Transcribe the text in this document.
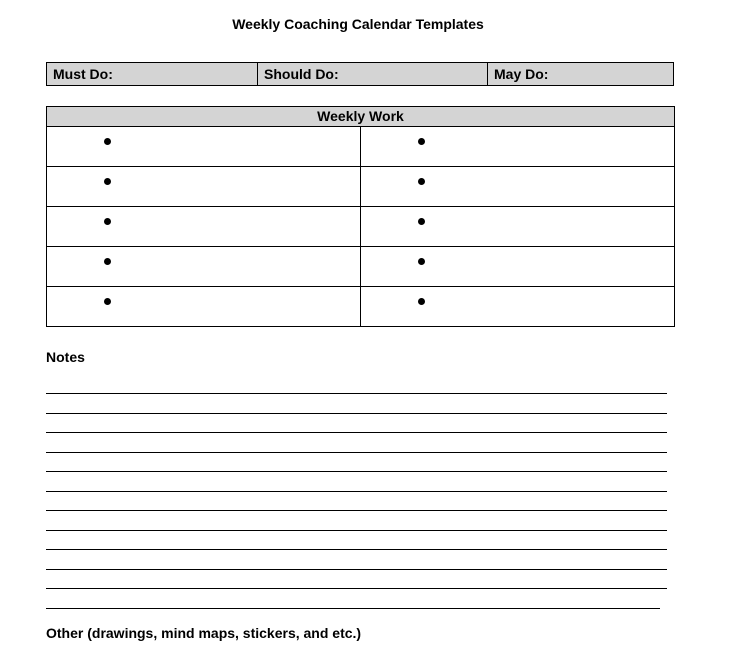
Weekly Coaching Calendar Templates
Must Do:	Should Do:	May Do:
Weekly Work	

Notes
Other (drawings, mind maps, stickers, and etc.)
